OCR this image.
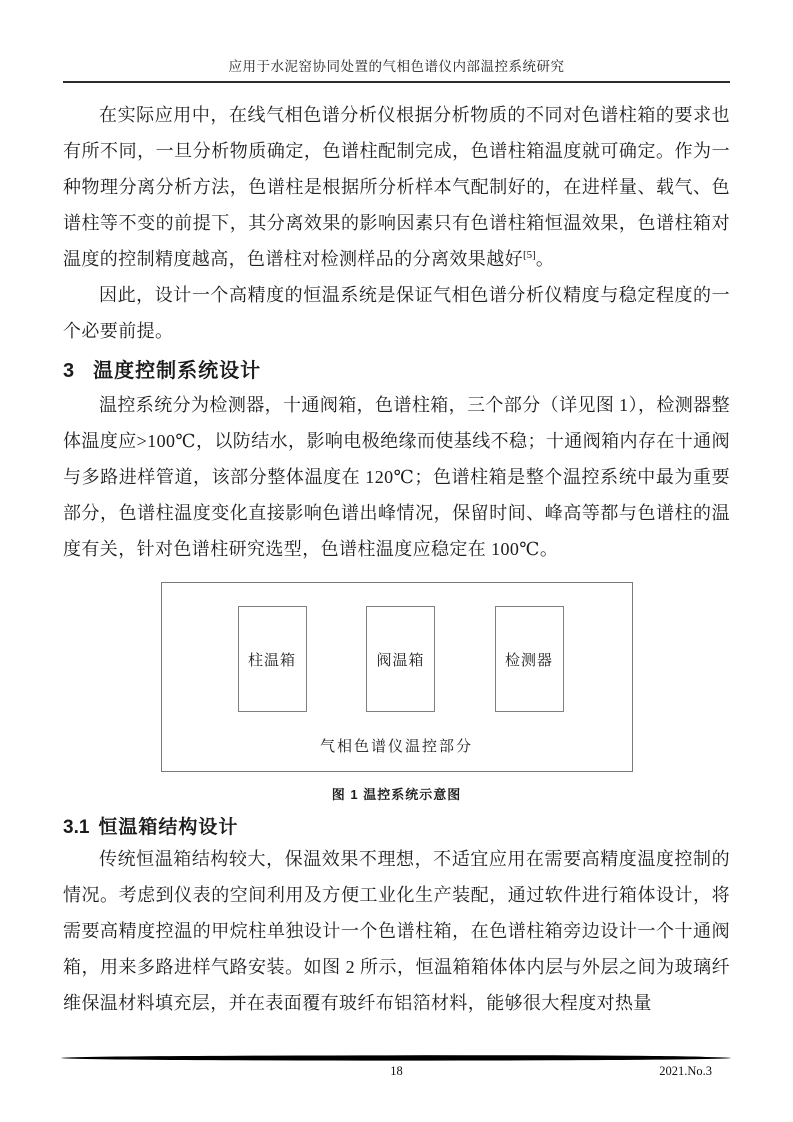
应用于水泥窑协同处置的气相色谱仪内部温控系统研究

在实际应用中，在线气相色谱分析仪根据分析物质的不同对色谱柱箱的要求也有所不同，一旦分析物质确定，色谱柱配制完成，色谱柱箱温度就可确定。作为一种物理分离分析方法，色谱柱是根据所分析样本气配制好的，在进样量、载气、色谱柱等不变的前提下，其分离效果的影响因素只有色谱柱箱恒温效果，色谱柱箱对温度的控制精度越高，色谱柱对检测样品的分离效果越好[5]。

因此，设计一个高精度的恒温系统是保证气相色谱分析仪精度与稳定程度的一个必要前提。

3 温度控制系统设计

温控系统分为检测器，十通阀箱，色谱柱箱，三个部分（详见图 1），检测器整体温度应>100℃，以防结水，影响电极绝缘而使基线不稳；十通阀箱内存在十通阀与多路进样管道，该部分整体温度在 120℃；色谱柱箱是整个温控系统中最为重要部分，色谱柱温度变化直接影响色谱出峰情况，保留时间、峰高等都与色谱柱的温度有关，针对色谱柱研究选型，色谱柱温度应稳定在 100℃。

柱温箱	阀温箱	检测器
气相色谱仪温控部分
图 1 温控系统示意图
3.1 恒温箱结构设计

传统恒温箱结构较大，保温效果不理想，不适宜应用在需要高精度温度控制的情况。考虑到仪表的空间利用及方便工业化生产装配，通过软件进行箱体设计，将需要高精度控温的甲烷柱单独设计一个色谱柱箱，在色谱柱箱旁边设计一个十通阀箱，用来多路进样气路安装。如图 2 所示，恒温箱箱体体内层与外层之间为玻璃纤维保温材料填充层，并在表面覆有玻纤布铝箔材料，能够很大程度对热量

18	2021.No.3
